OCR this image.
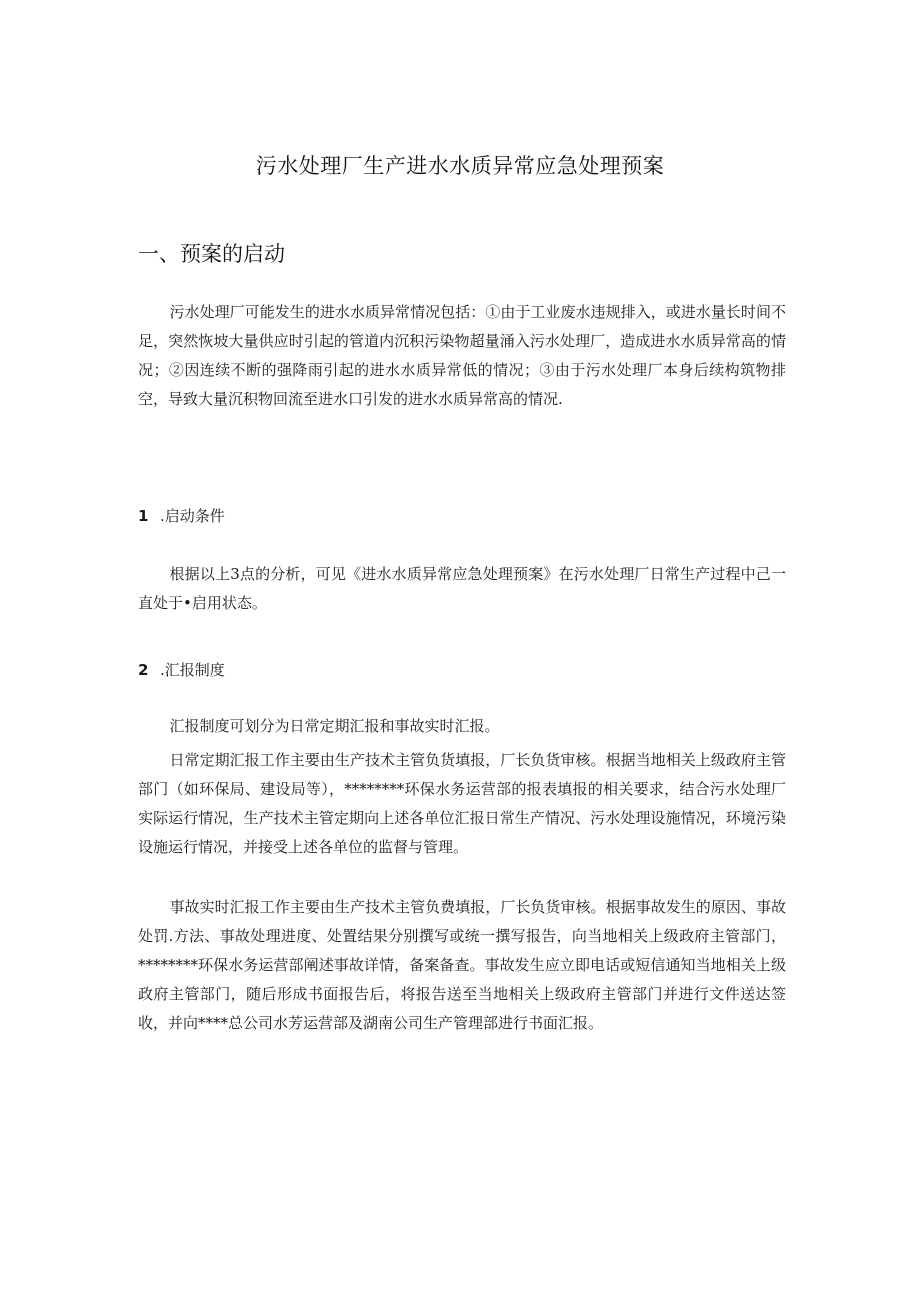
污水处理厂生产进水水质异常应急处理预案
一、预案的启动
污水处理厂可能发生的进水水质异常情况包括：①由于工业废水违规排入，或进水量长时间不足，突然恢坡大量供应时引起的管道内沉积污染物超量涌入污水处理厂，造成进水水质异常高的情况；②因连续不断的强降雨引起的进水水质异常低的情况；③由于污水处理厂本身后续构筑物排空，导致大量沉积物回流至进水口引发的进水水质异常高的情况.
1 .启动条件
根据以上3点的分析，可见《进水水质异常应急处理预案》在污水处理厂日常生产过程中己一直处于•启用状态。
2 .汇报制度
汇报制度可划分为日常定期汇报和事故实时汇报。
日常定期汇报工作主要由生产技术主管负货填报，厂长负货审核。根据当地相关上级政府主管部门（如环保局、建设局等），********环保水务运营部的报表填报的相关要求，结合污水处理厂实际运行情况，生产技术主管定期向上述各单位汇报日常生产情况、污水处理设施情况，环境污染设施运行情况，并接受上述各单位的监督与管理。
事故实时汇报工作主要由生产技术主管负费填报，厂长负货审核。根据事故发生的原因、事故处罚.方法、事故处理进度、处置结果分别撰写或统一撰写报告，向当地相关上级政府主管部门，********环保水务运营部阐述事故详情，备案备查。事故发生应立即电话或短信通知当地相关上级政府主管部门，随后形成书面报告后，将报告送至当地相关上级政府主管部门并进行文件送达签收，并向****总公司水芳运营部及湖南公司生产管理部进行书面汇报。
